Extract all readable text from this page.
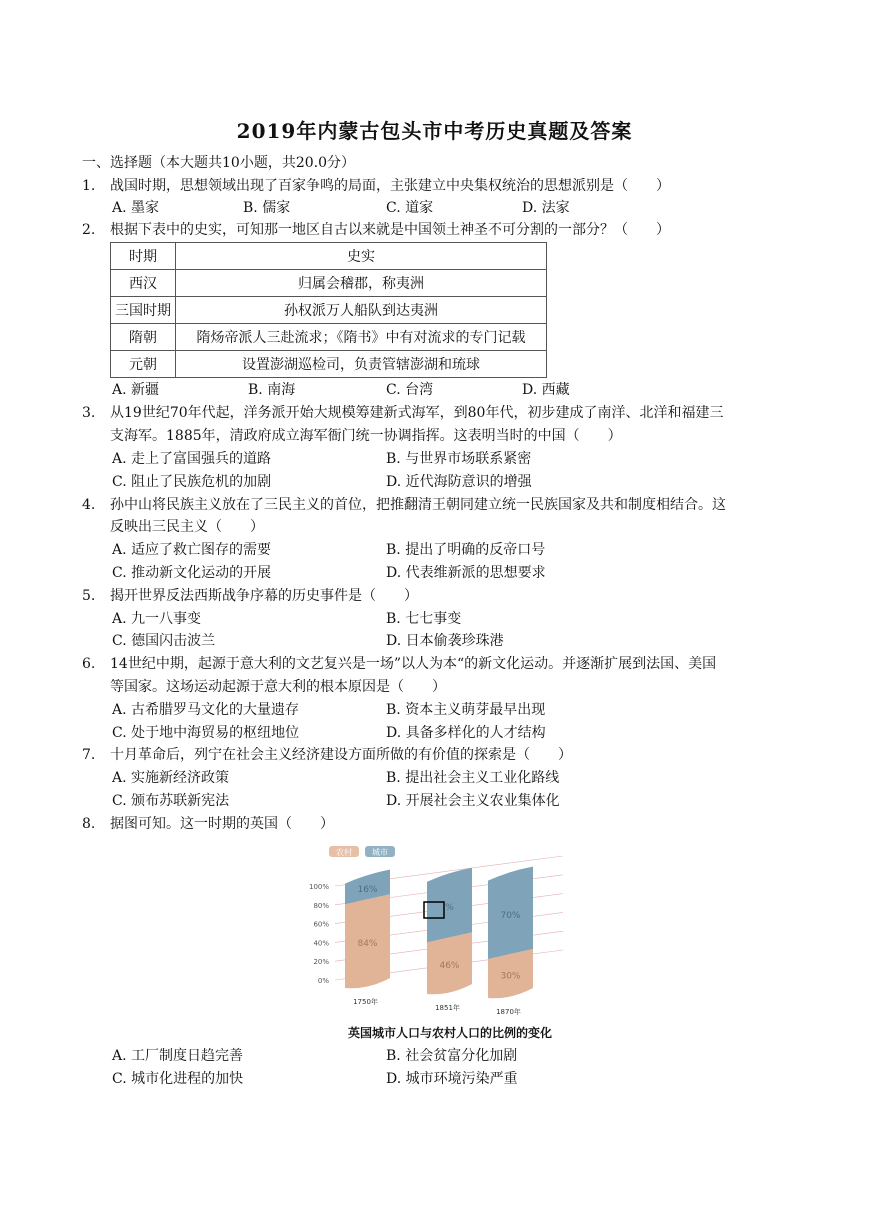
2019年内蒙古包头市中考历史真题及答案
一、选择题（本大题共10小题，共20.0分）
1.	战国时期，思想领域出现了百家争鸣的局面，主张建立中央集权统治的思想派别是（　　）
A. 墨家	B. 儒家	C. 道家	D. 法家
2.	根据下表中的史实，可知那一地区自古以来就是中国领土神圣不可分割的一部分？（　　）
时期	史实
西汉	归属会稽郡，称夷洲
三国时期	孙权派万人船队到达夷洲
隋朝	隋炀帝派人三赴流求；《隋书》中有对流求的专门记载
元朝	设置澎湖巡检司，负责管辖澎湖和琉球
A. 新疆	B. 南海	C. 台湾	D. 西藏
3.	从19世纪70年代起，洋务派开始大规模筹建新式海军，到80年代，初步建成了南洋、北洋和福建三
支海军。1885年，清政府成立海军衙门统一协调指挥。这表明当时的中国（　　）
A. 走上了富国强兵的道路	B. 与世界市场联系紧密
C. 阻止了民族危机的加剧	D. 近代海防意识的增强
4.	孙中山将民族主义放在了三民主义的首位，把推翻清王朝同建立统一民族国家及共和制度相结合。这
反映出三民主义（　　）
A. 适应了救亡图存的需要	B. 提出了明确的反帝口号
C. 推动新文化运动的开展	D. 代表维新派的思想要求
5.	揭开世界反法西斯战争序幕的历史事件是（　　）
A. 九一八事变	B. 七七事变
C. 德国闪击波兰	D. 日本偷袭珍珠港
6.	14世纪中期，起源于意大利的文艺复兴是一场”以人为本“的新文化运动。并逐渐扩展到法国、美国
等国家。这场运动起源于意大利的根本原因是（　　）
A. 古希腊罗马文化的大量遗存	B. 资本主义萌芽最早出现
C. 处于地中海贸易的枢纽地位	D. 具备多样化的人才结构
7.	十月革命后，列宁在社会主义经济建设方面所做的有价值的探索是（　　）
A. 实施新经济政策	B. 提出社会主义工业化路线
C. 颁布苏联新宪法	D. 开展社会主义农业集体化
8.	据图可知。这一时期的英国（　　）
0%
20%
40%
60%
80%
100%	16%
84%
1750年
%
46%
1851年
70%
30%
1870年
农村	城市
英国城市人口与农村人口的比例的变化
A. 工厂制度日趋完善	B. 社会贫富分化加剧
C. 城市化进程的加快	D. 城市环境污染严重
